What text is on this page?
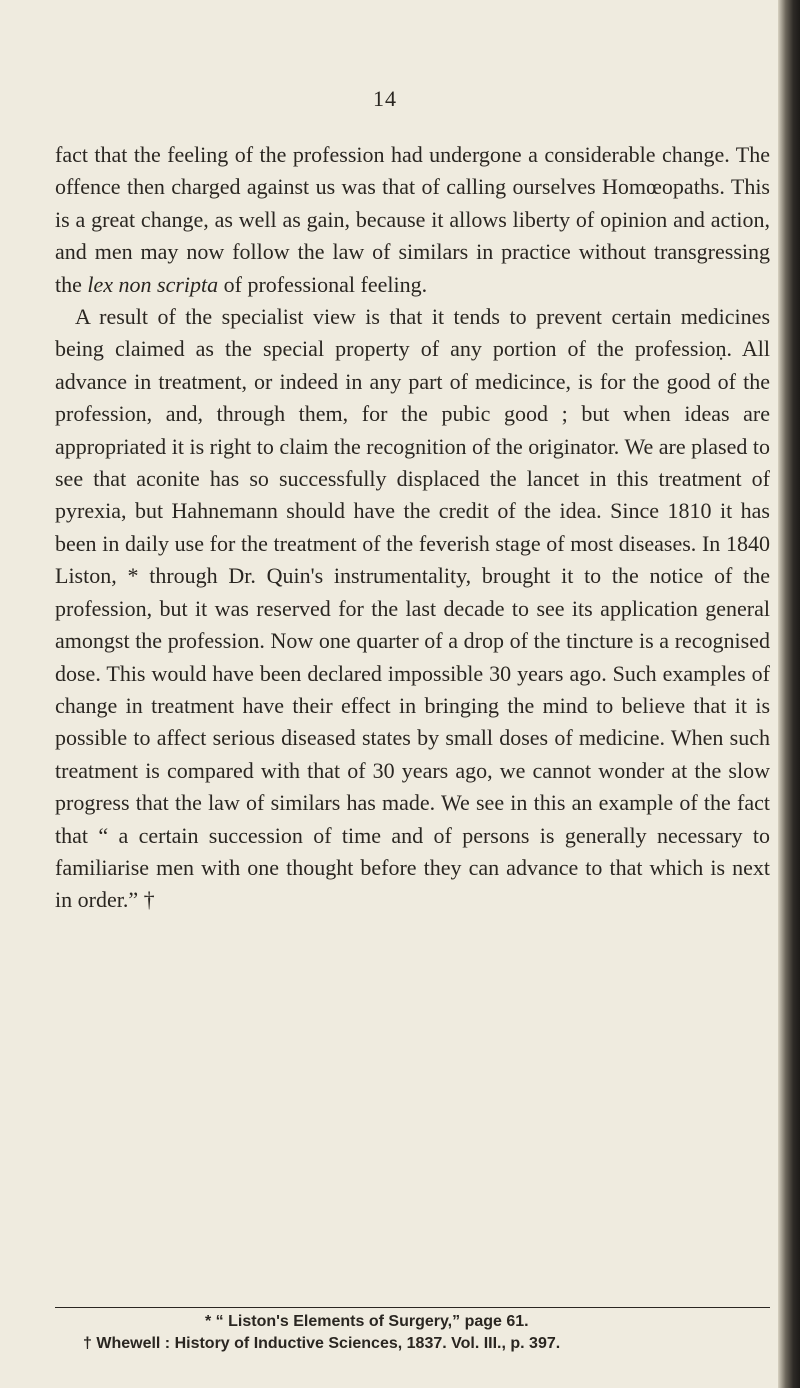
14

fact that the feeling of the profession had undergone a considerable change. The offence then charged against us was that of calling ourselves Homœopaths. This is a great change, as well as gain, because it allows liberty of opinion and action, and men may now follow the law of similars in practice without transgressing the lex non scripta of professional feeling.

A result of the specialist view is that it tends to prevent certain medicines being claimed as the special property of any portion of the professioṇ. All advance in treatment, or indeed in any part of medicince, is for the good of the profession, and, through them, for the pubic good ; but when ideas are appropriated it is right to claim the recognition of the originator. We are plased to see that aconite has so successfully displaced the lancet in this treatment of pyrexia, but Hahnemann should have the credit of the idea. Since 1810 it has been in daily use for the treatment of the feverish stage of most diseases. In 1840 Liston, * through Dr. Quin's instrumentality, brought it to the notice of the profession, but it was reserved for the last decade to see its application general amongst the profession. Now one quarter of a drop of the tincture is a recognised dose. This would have been declared impossible 30 years ago. Such examples of change in treatment have their effect in bringing the mind to believe that it is possible to affect serious diseased states by small doses of medicine. When such treatment is compared with that of 30 years ago, we cannot wonder at the slow progress that the law of similars has made. We see in this an example of the fact that “ a certain succession of time and of persons is generally necessary to familiarise men with one thought before they can advance to that which is next in order.” †

* “ Liston's Elements of Surgery,” page 61.
† Whewell : History of Inductive Sciences, 1837. Vol. III., p. 397.
